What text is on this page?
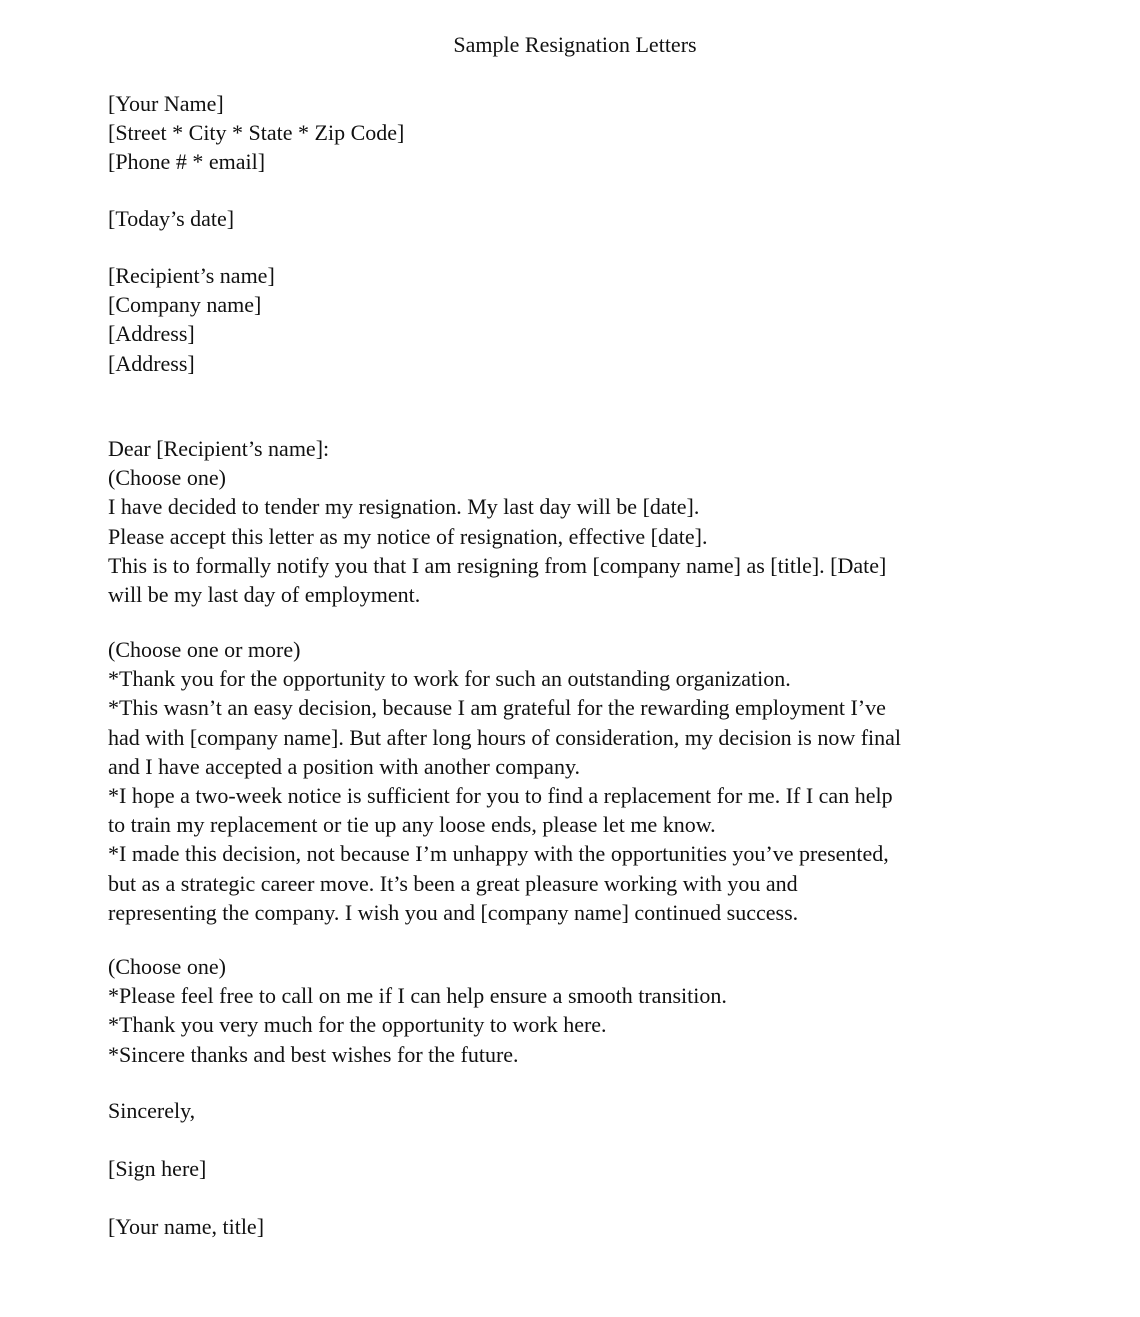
Sample Resignation Letters
[Your Name]
[Street * City * State * Zip Code]
[Phone # * email]

[Today’s date]

[Recipient’s name]
[Company name]
[Address]
[Address]
Dear [Recipient’s name]:
(Choose one)
I have decided to tender my resignation. My last day will be [date].
Please accept this letter as my notice of resignation, effective [date].
This is to formally notify you that I am resigning from [company name] as [title]. [Date]
will be my last day of employment.
(Choose one or more)
*Thank you for the opportunity to work for such an outstanding organization.
*This wasn’t an easy decision, because I am grateful for the rewarding employment I’ve
had with [company name]. But after long hours of consideration, my decision is now final
and I have accepted a position with another company.
*I hope a two-week notice is sufficient for you to find a replacement for me. If I can help
to train my replacement or tie up any loose ends, please let me know.
*I made this decision, not because I’m unhappy with the opportunities you’ve presented,
but as a strategic career move. It’s been a great pleasure working with you and
representing the company. I wish you and [company name] continued success.
(Choose one)
*Please feel free to call on me if I can help ensure a smooth transition.
*Thank you very much for the opportunity to work here.
*Sincere thanks and best wishes for the future.

Sincerely,

[Sign here]

[Your name, title]
